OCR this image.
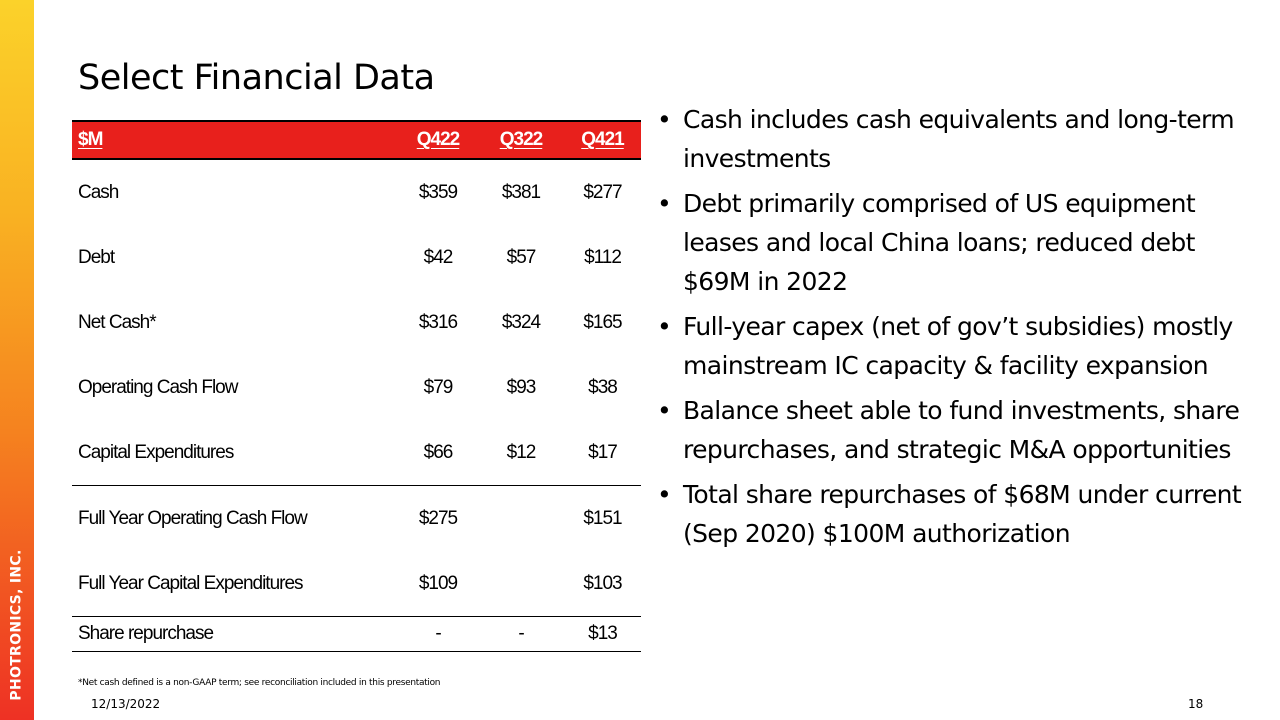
PHOTRONICS, INC.
Select Financial Data
$M	Q422	Q322	Q421
Cash	$359	$381	$277
Debt	$42	$57	$112
Net Cash*	$316	$324	$165
Operating Cash Flow	$79	$93	$38
Capital Expenditures	$66	$12	$17
Full Year Operating Cash Flow	$275		$151
Full Year Capital Expenditures	$109		$103
Share repurchase	-	-	$13
• Cash includes cash equivalents and long-term investments
• Debt primarily comprised of US equipment leases and local China loans; reduced debt $69M in 2022
• Full-year capex (net of gov’t subsidies) mostly mainstream IC capacity & facility expansion
• Balance sheet able to fund investments, share repurchases, and strategic M&A opportunities
• Total share repurchases of $68M under current (Sep 2020) $100M authorization
*Net cash defined is a non-GAAP term; see reconciliation included in this presentation
12/13/2022	18
